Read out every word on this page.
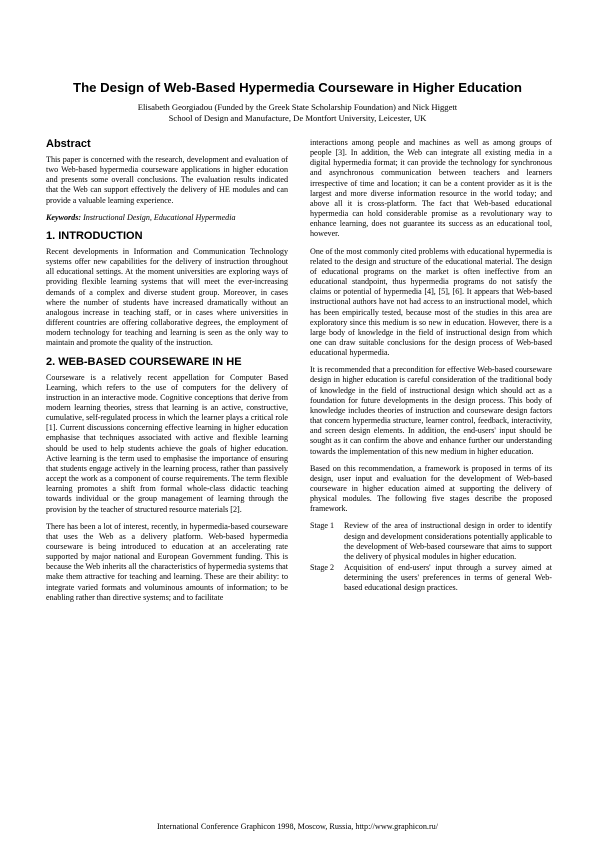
The Design of Web-Based Hypermedia Courseware in Higher Education
Elisabeth Georgiadou (Funded by the Greek State Scholarship Foundation) and Nick Higgett
School of Design and Manufacture, De Montfort University, Leicester, UK
Abstract

This paper is concerned with the research, development and evaluation of two Web-based hypermedia courseware applications in higher education and presents some overall conclusions. The evaluation results indicated that the Web can support effectively the delivery of HE modules and can provide a valuable learning experience.

Keywords: Instructional Design, Educational Hypermedia

1. INTRODUCTION

Recent developments in Information and Communication Technology systems offer new capabilities for the delivery of instruction throughout all educational settings. At the moment universities are exploring ways of providing flexible learning systems that will meet the ever-increasing demands of a complex and diverse student group. Moreover, in cases where the number of students have increased dramatically without an analogous increase in teaching staff, or in cases where universities in different countries are offering collaborative degrees, the employment of modern technology for teaching and learning is seen as the only way to maintain and promote the quality of the instruction.

2. WEB-BASED COURSEWARE IN HE

Courseware is a relatively recent appellation for Computer Based Learning, which refers to the use of computers for the delivery of instruction in an interactive mode. Cognitive conceptions that derive from modern learning theories, stress that learning is an active, constructive, cumulative, self-regulated process in which the learner plays a critical role [1]. Current discussions concerning effective learning in higher education emphasise that techniques associated with active and flexible learning should be used to help students achieve the goals of higher education. Active learning is the term used to emphasise the importance of ensuring that students engage actively in the learning process, rather than passively accept the work as a component of course requirements. The term flexible learning promotes a shift from formal whole-class didactic teaching towards individual or the group management of learning through the provision by the teacher of structured resource materials [2].

There has been a lot of interest, recently, in hypermedia-based courseware that uses the Web as a delivery platform. Web-based hypermedia courseware is being introduced to education at an accelerating rate supported by major national and European Government funding. This is because the Web inherits all the characteristics of hypermedia systems that make them attractive for teaching and learning. These are their ability: to integrate varied formats and voluminous amounts of information; to be enabling rather than directive systems; and to facilitate

interactions among people and machines as well as among groups of people [3]. In addition, the Web can integrate all existing media in a digital hypermedia format; it can provide the technology for synchronous and asynchronous communication between teachers and learners irrespective of time and location; it can be a content provider as it is the largest and more diverse information resource in the world today; and above all it is cross-platform. The fact that Web-based educational hypermedia can hold considerable promise as a revolutionary way to enhance learning, does not guarantee its success as an educational tool, however.

One of the most commonly cited problems with educational hypermedia is related to the design and structure of the educational material. The design of educational programs on the market is often ineffective from an educational standpoint, thus hypermedia programs do not satisfy the claims or potential of hypermedia [4], [5], [6]. It appears that Web-based instructional authors have not had access to an instructional model, which has been empirically tested, because most of the studies in this area are exploratory since this medium is so new in education. However, there is a large body of knowledge in the field of instructional design from which one can draw suitable conclusions for the design process of Web-based educational hypermedia.

It is recommended that a precondition for effective Web-based courseware design in higher education is careful consideration of the traditional body of knowledge in the field of instructional design which should act as a foundation for future developments in the design process. This body of knowledge includes theories of instruction and courseware design factors that concern hypermedia structure, learner control, feedback, interactivity, and screen design elements. In addition, the end-users' input should be sought as it can confirm the above and enhance further our understanding towards the implementation of this new medium in higher education.

Based on this recommendation, a framework is proposed in terms of its design, user input and evaluation for the development of Web-based courseware in higher education aimed at supporting the delivery of physical modules. The following five stages describe the proposed framework.

Stage 1	Review of the area of instructional design in order to identify design and development considerations potentially applicable to the development of Web-based courseware that aims to support the delivery of physical modules in higher education.
Stage 2	Acquisition of end-users' input through a survey aimed at determining the users' preferences in terms of general Web-based educational design practices.
International Conference Graphicon 1998, Moscow, Russia, http://www.graphicon.ru/
